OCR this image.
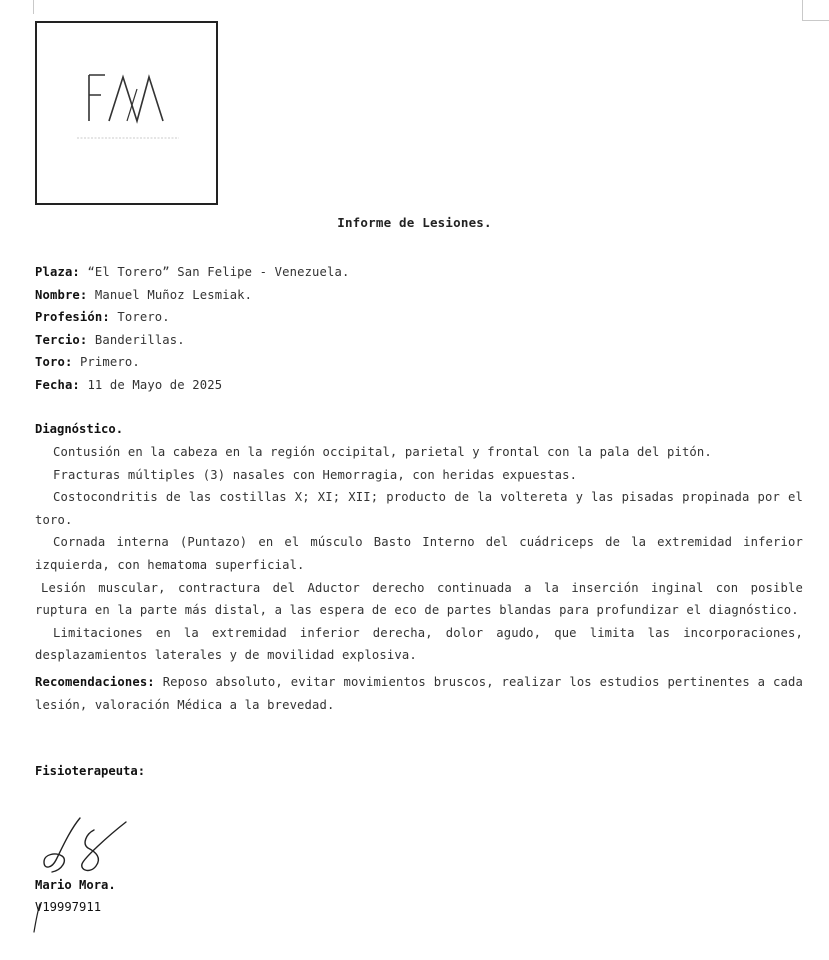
Informe de Lesiones.
Plaza: “El Torero” San Felipe - Venezuela.
Nombre: Manuel Muñoz Lesmiak.
Profesión: Torero.
Tercio: Banderillas.
Toro: Primero.
Fecha: 11 de Mayo de 2025
Diagnóstico.

Contusión en la cabeza en la región occipital, parietal y frontal con la pala del pitón.

Fracturas múltiples (3) nasales con Hemorragia, con heridas expuestas.

Costocondritis de las costillas X; XI; XII; producto de la voltereta y las pisadas propinada por el toro.

Cornada interna (Puntazo) en el músculo Basto Interno del cuádriceps de la extremidad inferior izquierda, con hematoma superficial.

Lesión muscular, contractura del Aductor derecho continuada a la inserción inginal con posible ruptura en la parte más distal, a las espera de eco de partes blandas para profundizar el diagnóstico.

Limitaciones en la extremidad inferior derecha, dolor agudo, que limita las incorporaciones, desplazamientos laterales y de movilidad explosiva.

Recomendaciones: Reposo absoluto, evitar movimientos bruscos, realizar los estudios pertinentes a cada lesión, valoración Médica a la brevedad.
Fisioterapeuta:
Mario Mora.
V19997911
